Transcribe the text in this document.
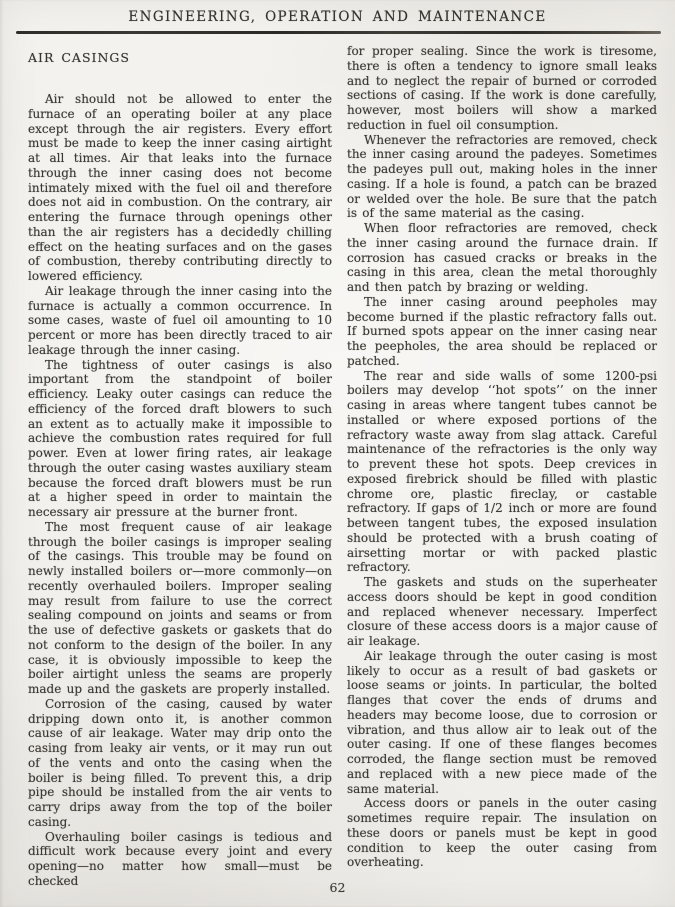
ENGINEERING, OPERATION AND MAINTENANCE
AIR CASINGS

Air should not be allowed to enter the furnace of an operating boiler at any place except through the air registers. Every effort must be made to keep the inner casing airtight at all times. Air that leaks into the furnace through the inner casing does not become intimately mixed with the fuel oil and therefore does not aid in combustion. On the contrary, air entering the furnace through openings other than the air registers has a decidedly chilling effect on the heating surfaces and on the gases of combustion, thereby contributing directly to lowered efficiency.

Air leakage through the inner casing into the furnace is actually a common occurrence. In some cases, waste of fuel oil amounting to 10 percent or more has been directly traced to air leakage through the inner casing.

The tightness of outer casings is also important from the standpoint of boiler efficiency. Leaky outer casings can reduce the efficiency of the forced draft blowers to such an extent as to actually make it impossible to achieve the combustion rates required for full power. Even at lower firing rates, air leakage through the outer casing wastes auxiliary steam because the forced draft blowers must be run at a higher speed in order to maintain the necessary air pressure at the burner front.

The most frequent cause of air leakage through the boiler casings is improper sealing of the casings. This trouble may be found on newly installed boilers or—more commonly—on recently overhauled boilers. Improper sealing may result from failure to use the correct sealing compound on joints and seams or from the use of defective gaskets or gaskets that do not conform to the design of the boiler. In any case, it is obviously impossible to keep the boiler airtight unless the seams are properly made up and the gaskets are properly installed.

Corrosion of the casing, caused by water dripping down onto it, is another common cause of air leakage. Water may drip onto the casing from leaky air vents, or it may run out of the vents and onto the casing when the boiler is being filled. To prevent this, a drip pipe should be installed from the air vents to carry drips away from the top of the boiler casing.

Overhauling boiler casings is tedious and difficult work because every joint and every opening—no matter how small—must be checked

for proper sealing. Since the work is tiresome, there is often a tendency to ignore small leaks and to neglect the repair of burned or corroded sections of casing. If the work is done carefully, however, most boilers will show a marked reduction in fuel oil consumption.

Whenever the refractories are removed, check the inner casing around the padeyes. Sometimes the padeyes pull out, making holes in the inner casing. If a hole is found, a patch can be brazed or welded over the hole. Be sure that the patch is of the same material as the casing.

When floor refractories are removed, check the inner casing around the furnace drain. If corrosion has casued cracks or breaks in the casing in this area, clean the metal thoroughly and then patch by brazing or welding.

The inner casing around peepholes may become burned if the plastic refractory falls out. If burned spots appear on the inner casing near the peepholes, the area should be replaced or patched.

The rear and side walls of some 1200-psi boilers may develop ‘‘hot spots’’ on the inner casing in areas where tangent tubes cannot be installed or where exposed portions of the refractory waste away from slag attack. Careful maintenance of the refractories is the only way to prevent these hot spots. Deep crevices in exposed firebrick should be filled with plastic chrome ore, plastic fireclay, or castable refractory. If gaps of 1/2 inch or more are found between tangent tubes, the exposed insulation should be protected with a brush coating of airsetting mortar or with packed plastic refractory.

The gaskets and studs on the superheater access doors should be kept in good condition and replaced whenever necessary. Imperfect closure of these access doors is a major cause of air leakage.

Air leakage through the outer casing is most likely to occur as a result of bad gaskets or loose seams or joints. In particular, the bolted flanges that cover the ends of drums and headers may become loose, due to corrosion or vibration, and thus allow air to leak out of the outer casing. If one of these flanges becomes corroded, the flange section must be removed and replaced with a new piece made of the same material.

Access doors or panels in the outer casing sometimes require repair. The insulation on these doors or panels must be kept in good condition to keep the outer casing from overheating.

62
